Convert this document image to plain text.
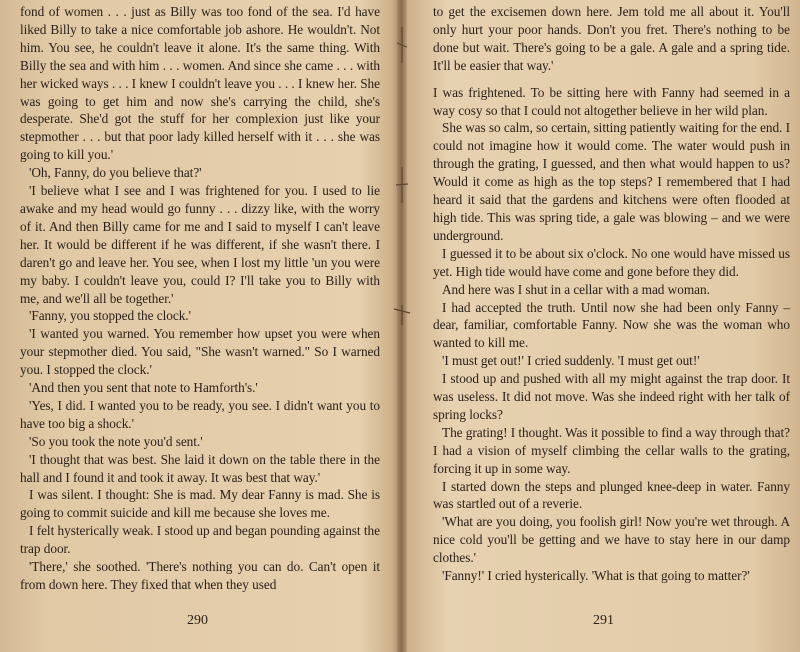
fond of women . . . just as Billy was too fond of the sea. I'd have liked Billy to take a nice comfortable job ashore. He wouldn't. Not him. You see, he couldn't leave it alone. It's the same thing. With Billy the sea and with him . . . women. And since she came . . . with her wicked ways . . . I knew I couldn't leave you . . . I knew her. She was going to get him and now she's carrying the child, she's desperate. She'd got the stuff for her complexion just like your stepmother . . . but that poor lady killed herself with it . . . she was going to kill you.'

'Oh, Fanny, do you believe that?'

'I believe what I see and I was frightened for you. I used to lie awake and my head would go funny . . . dizzy like, with the worry of it. And then Billy came for me and I said to myself I can't leave her. It would be different if he was different, if she wasn't there. I daren't go and leave her. You see, when I lost my little 'un you were my baby. I couldn't leave you, could I? I'll take you to Billy with me, and we'll all be together.'

'Fanny, you stopped the clock.'

'I wanted you warned. You remember how upset you were when your stepmother died. You said, "She wasn't warned." So I warned you. I stopped the clock.'

'And then you sent that note to Hamforth's.'

'Yes, I did. I wanted you to be ready, you see. I didn't want you to have too big a shock.'

'So you took the note you'd sent.'

'I thought that was best. She laid it down on the table there in the hall and I found it and took it away. It was best that way.'

I was silent. I thought: She is mad. My dear Fanny is mad. She is going to commit suicide and kill me because she loves me.

I felt hysterically weak. I stood up and began pounding against the trap door.

'There,' she soothed. 'There's nothing you can do. Can't open it from down here. They fixed that when they used

290

to get the excisemen down here. Jem told me all about it. You'll only hurt your poor hands. Don't you fret. There's nothing to be done but wait. There's going to be a gale. A gale and a spring tide. It'll be easier that way.'

I was frightened. To be sitting here with Fanny had seemed in a way cosy so that I could not altogether believe in her wild plan.

She was so calm, so certain, sitting patiently waiting for the end. I could not imagine how it would come. The water would push in through the grating, I guessed, and then what would happen to us? Would it come as high as the top steps? I remembered that I had heard it said that the gardens and kitchens were often flooded at high tide. This was spring tide, a gale was blowing – and we were underground.

I guessed it to be about six o'clock. No one would have missed us yet. High tide would have come and gone before they did.

And here was I shut in a cellar with a mad woman.

I had accepted the truth. Until now she had been only Fanny – dear, familiar, comfortable Fanny. Now she was the woman who wanted to kill me.

'I must get out!' I cried suddenly. 'I must get out!'

I stood up and pushed with all my might against the trap door. It was useless. It did not move. Was she indeed right with her talk of spring locks?

The grating! I thought. Was it possible to find a way through that? I had a vision of myself climbing the cellar walls to the grating, forcing it up in some way.

I started down the steps and plunged knee-deep in water. Fanny was startled out of a reverie.

'What are you doing, you foolish girl! Now you're wet through. A nice cold you'll be getting and we have to stay here in our damp clothes.'

'Fanny!' I cried hysterically. 'What is that going to matter?'

291
